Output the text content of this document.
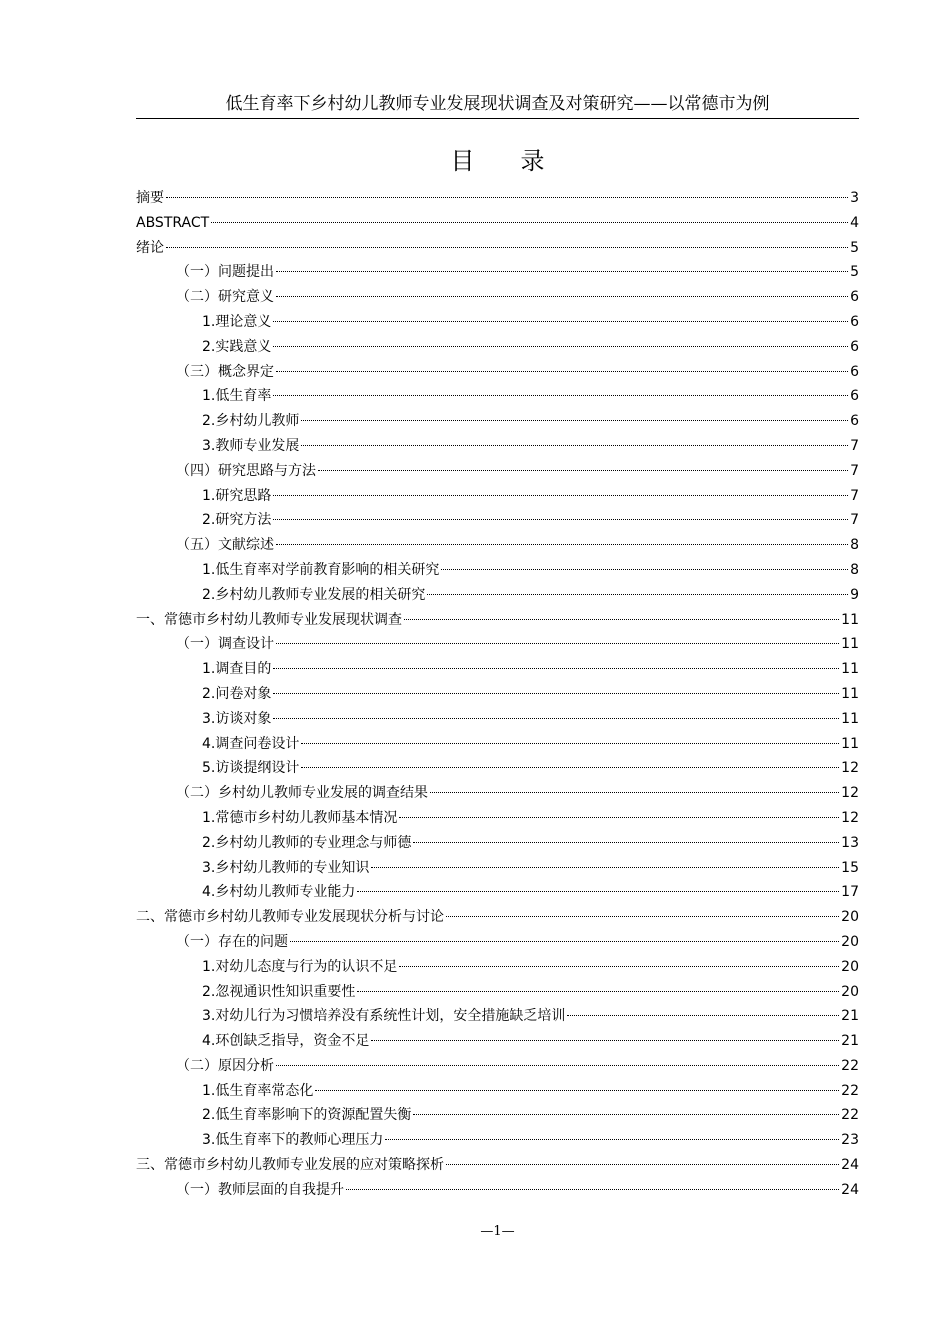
低生育率下乡村幼儿教师专业发展现状调查及对策研究——以常德市为例
目录
摘要	3
ABSTRACT	4
绪论	5
（一）问题提出	5
（二）研究意义	6
1.理论意义	6
2.实践意义	6
（三）概念界定	6
1.低生育率	6
2.乡村幼儿教师	6
3.教师专业发展	7
（四）研究思路与方法	7
1.研究思路	7
2.研究方法	7
（五）文献综述	8
1.低生育率对学前教育影响的相关研究	8
2.乡村幼儿教师专业发展的相关研究	9
一、常德市乡村幼儿教师专业发展现状调查	11
（一）调查设计	11
1.调查目的	11
2.问卷对象	11
3.访谈对象	11
4.调查问卷设计	11
5.访谈提纲设计	12
（二）乡村幼儿教师专业发展的调查结果	12
1.常德市乡村幼儿教师基本情况	12
2.乡村幼儿教师的专业理念与师德	13
3.乡村幼儿教师的专业知识	15
4.乡村幼儿教师专业能力	17
二、常德市乡村幼儿教师专业发展现状分析与讨论	20
（一）存在的问题	20
1.对幼儿态度与行为的认识不足	20
2.忽视通识性知识重要性	20
3.对幼儿行为习惯培养没有系统性计划，安全措施缺乏培训	21
4.环创缺乏指导，资金不足	21
（二）原因分析	22
1.低生育率常态化	22
2.低生育率影响下的资源配置失衡	22
3.低生育率下的教师心理压力	23
三、常德市乡村幼儿教师专业发展的应对策略探析	24
（一）教师层面的自我提升	24
—1—
